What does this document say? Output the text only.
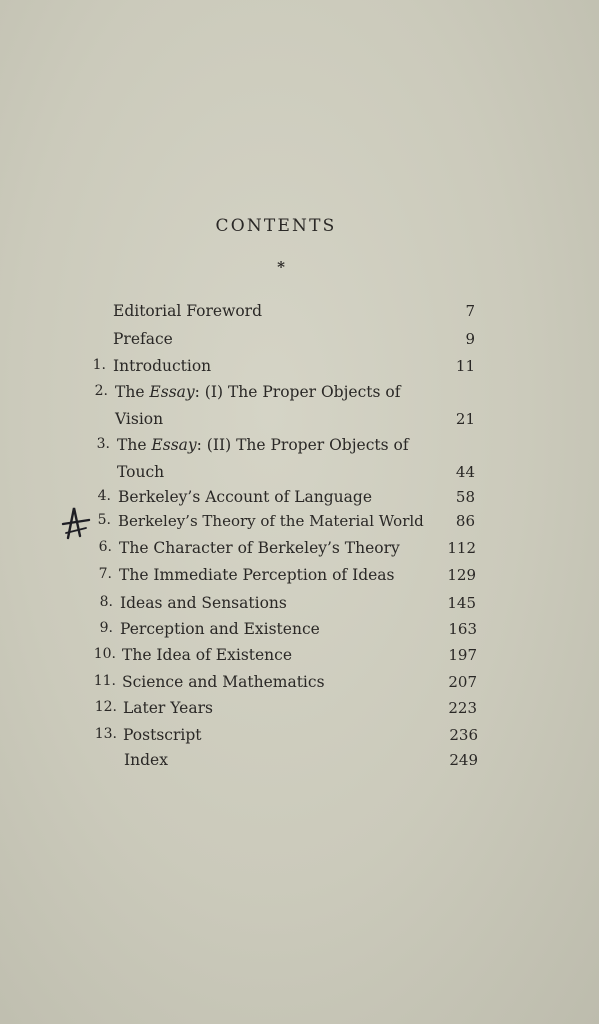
CONTENTS
*
Editorial Foreword	7
Preface	9
1. Introduction	11
2. The Essay: (I) The Proper Objects of
Vision	21
3. The Essay: (II) The Proper Objects of
Touch	44
4. Berkeley’s Account of Language	58
5. Berkeley’s Theory of the Material World	86
6. The Character of Berkeley’s Theory	112
7. The Immediate Perception of Ideas	129
8. Ideas and Sensations	145
9. Perception and Existence	163
10. The Idea of Existence	197
11. Science and Mathematics	207
12. Later Years	223
13. Postscript	236
Index	249
